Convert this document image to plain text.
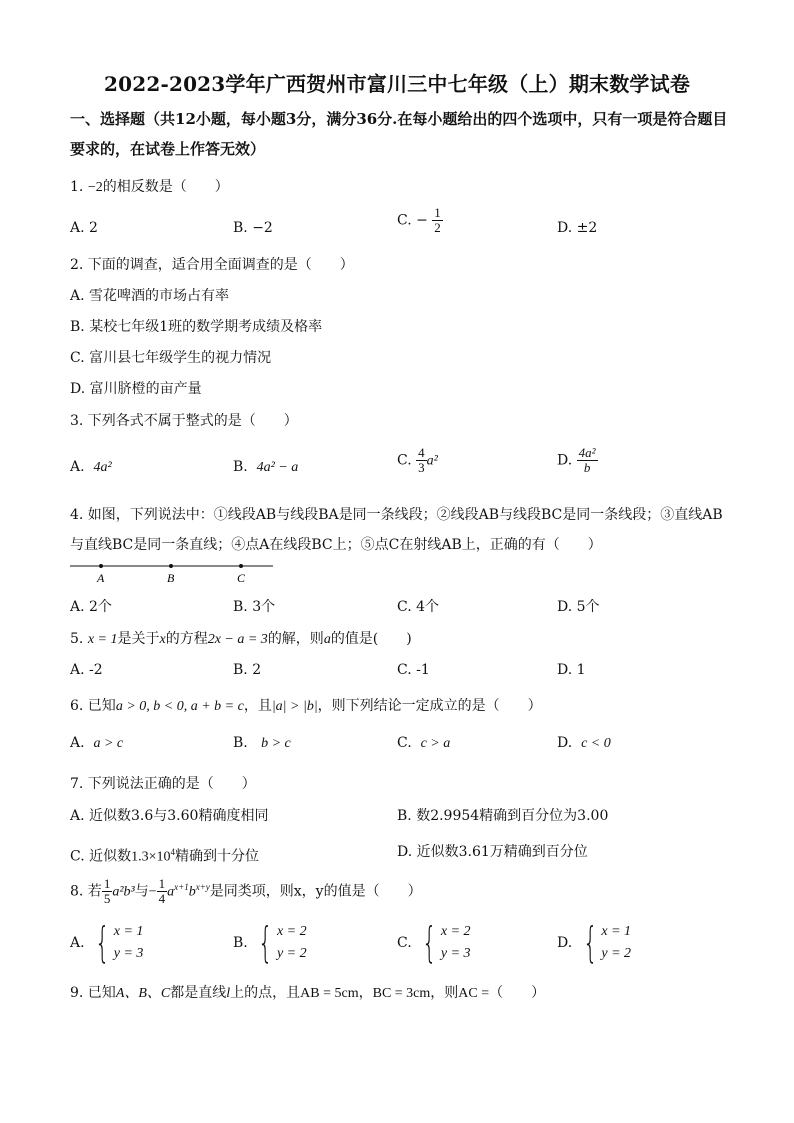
2022-2023学年广西贺州市富川三中七年级（上）期末数学试卷
一、选择题（共12小题，每小题3分，满分36分.在每小题给出的四个选项中，只有一项是符合题目要求的，在试卷上作答无效）
1. −2的相反数是（　　）
A. 2	B. −2	C. − $\frac{1}{2}$	D. ±2
2. 下面的调查，适合用全面调查的是（　　）
A. 雪花啤酒的市场占有率
B. 某校七年级1班的数学期考成绩及格率
C. 富川县七年级学生的视力情况
D. 富川脐橙的亩产量
3. 下列各式不属于整式的是（　　）
A. 4a²	B. 4a² − a	C. $\frac{4}{3} a^2$	D. $\frac{\text{4a²}}{b}$
4. 如图，下列说法中：①线段AB与线段BA是同一条线段；②线段AB与线段BC是同一条线段；③直线AB与直线BC是同一条直线；④点A在线段BC上；⑤点C在射线AB上，正确的有（　　）
A	B	C
A. 2个	B. 3个	C. 4个	D. 5个
5. x = 1是关于x的方程2x − a = 3的解，则a的值是(　　)
A. -2	B. 2	C. -1	D. 1
6. 已知a > 0, b < 0, a + b = c，且|a| > |b|，则下列结论一定成立的是（　　）
A. a > c	B. b > c	C. c > a	D. c < 0
7. 下列说法正确的是（　　）
A. 近似数3.6与3.60精确度相同	B. 数2.9954精确到百分位为3.00
C. 近似数$1.3\times 10^4$精确到十分位	D. 近似数3.61万精确到百分位
8. 若 $\frac{1}{5} a^2b^3$与− $\frac{1}{4} a^{x+1}b^{x+y}$是同类项，则x，y的值是（　　）
A. { x = 1
y = 3
B. { x = 2
y = 2
C. { x = 2
y = 3
D. { x = 1
y = 2
9. 已知A、B、C都是直线l上的点，且AB = 5cm，BC = 3cm，则AC =（　　）
